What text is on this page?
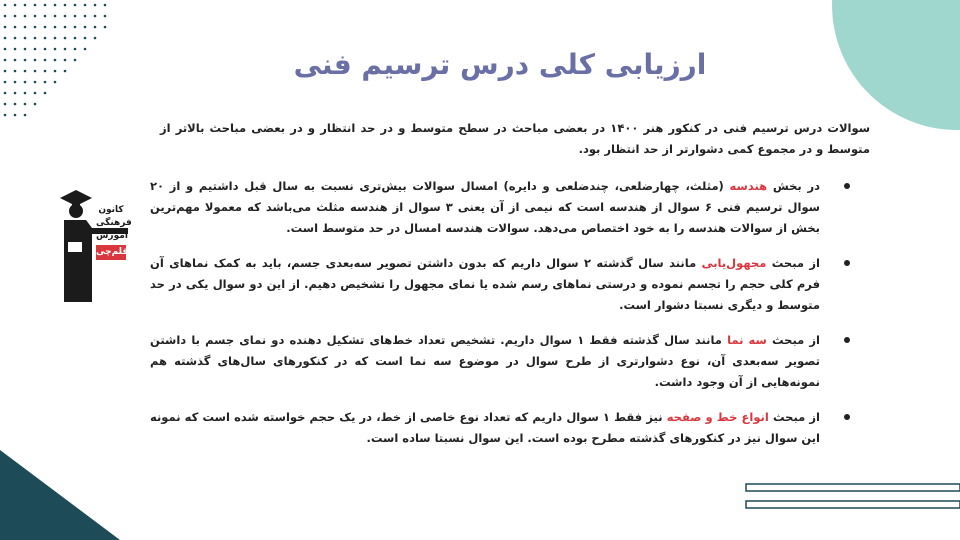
ارزیابی کلی درس ترسیم فنی

سوالات درس ترسیم فنی در کنکور هنر ۱۴۰۰ در بعضی مباحث در سطح متوسط و در حد انتظار و در بعضی مباحث بالاتر از متوسط و در مجموع کمی دشوارتر از حد انتظار بود.

در بخش هندسه (مثلث، چهارضلعی، چندضلعی و دایره) امسال سوالات بیش‌تری نسبت به سال قبل داشتیم و از ۲۰ سوال ترسیم فنی ۶ سوال از هندسه است که نیمی از آن یعنی ۳ سوال از هندسه مثلث می‌باشد که معمولا مهم‌ترین بخش از سوالات هندسه را به خود اختصاص می‌دهد. سوالات هندسه امسال در حد متوسط است.
از مبحث مجهول‌یابی مانند سال گذشته ۲ سوال داریم که بدون داشتن تصویر سه‌بعدی جسم، باید به کمک نماهای آن فرم کلی حجم را تجسم نموده و درستی نماهای رسم شده یا نمای مجهول را تشخیص دهیم. از این دو سوال یکی در حد متوسط و دیگری نسبتا دشوار است.
از مبحث سه نما مانند سال گذشته فقط ۱ سوال داریم. تشخیص تعداد خط‌های تشکیل دهنده دو نمای جسم با داشتن تصویر سه‌بعدی آن، نوع دشوارتری از طرح سوال در موضوع سه نما است که در کنکورهای سال‌های گذشته هم نمونه‌هایی از آن وجود داشت.
از مبحث انواع خط و صفحه نیز فقط ۱ سوال داریم که تعداد نوع خاصی از خط، در یک حجم خواسته شده است که نمونه این سوال نیز در کنکورهای گذشته مطرح بوده است. این سوال نسبتا ساده است.
کانون
فرهنگی
آموزش
قلم‌چی
